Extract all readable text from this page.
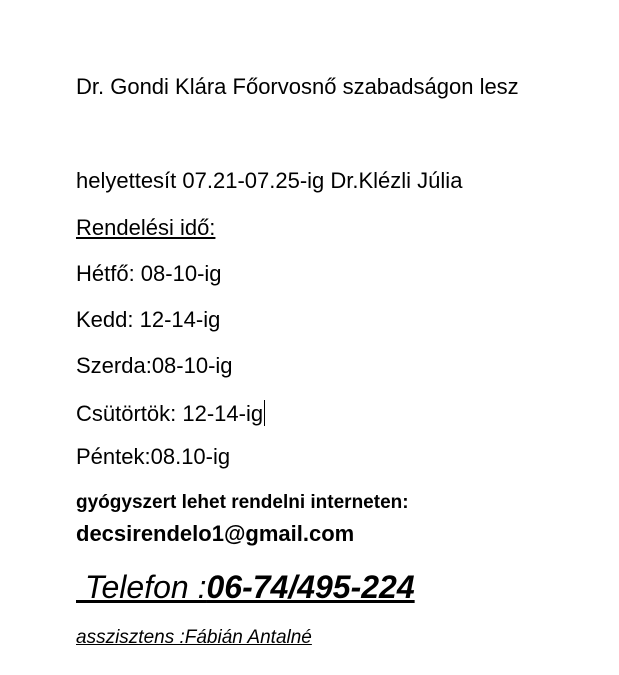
Dr. Gondi Klára Főorvosnő szabadságon lesz
helyettesít 07.21-07.25-ig Dr.Klézli Júlia
Rendelési idő:
Hétfő: 08-10-ig
Kedd: 12-14-ig
Szerda:08-10-ig
Csütörtök: 12-14-ig
Péntek:08.10-ig
gyógyszert lehet rendelni interneten:
decsirendelo1@gmail.com
Telefon :06-74/495-224
asszisztens :Fábián Antalné
